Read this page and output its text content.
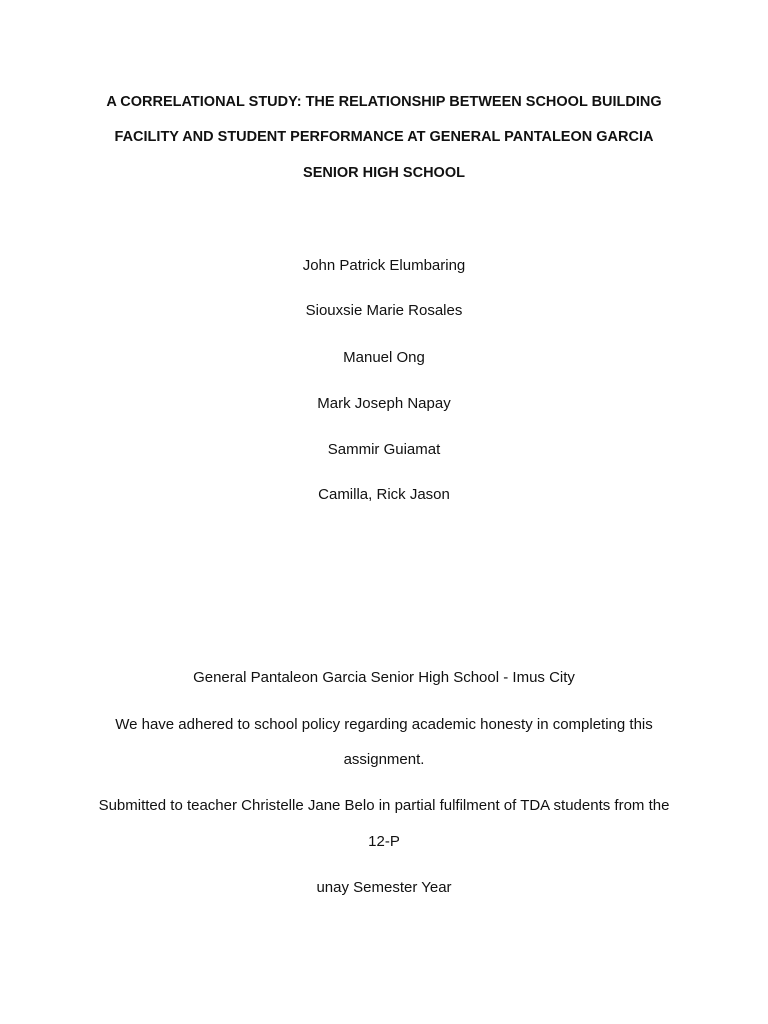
A CORRELATIONAL STUDY: THE RELATIONSHIP BETWEEN SCHOOL BUILDING
FACILITY AND STUDENT PERFORMANCE AT GENERAL PANTALEON GARCIA
SENIOR HIGH SCHOOL
John Patrick Elumbaring
Siouxsie Marie Rosales
Manuel Ong
Mark Joseph Napay
Sammir Guiamat
Camilla, Rick Jason
General Pantaleon Garcia Senior High School - Imus City
We have adhered to school policy regarding academic honesty in completing this
assignment.
Submitted to teacher Christelle Jane Belo in partial fulfilment of TDA students from the
12-P
unay Semester Year
